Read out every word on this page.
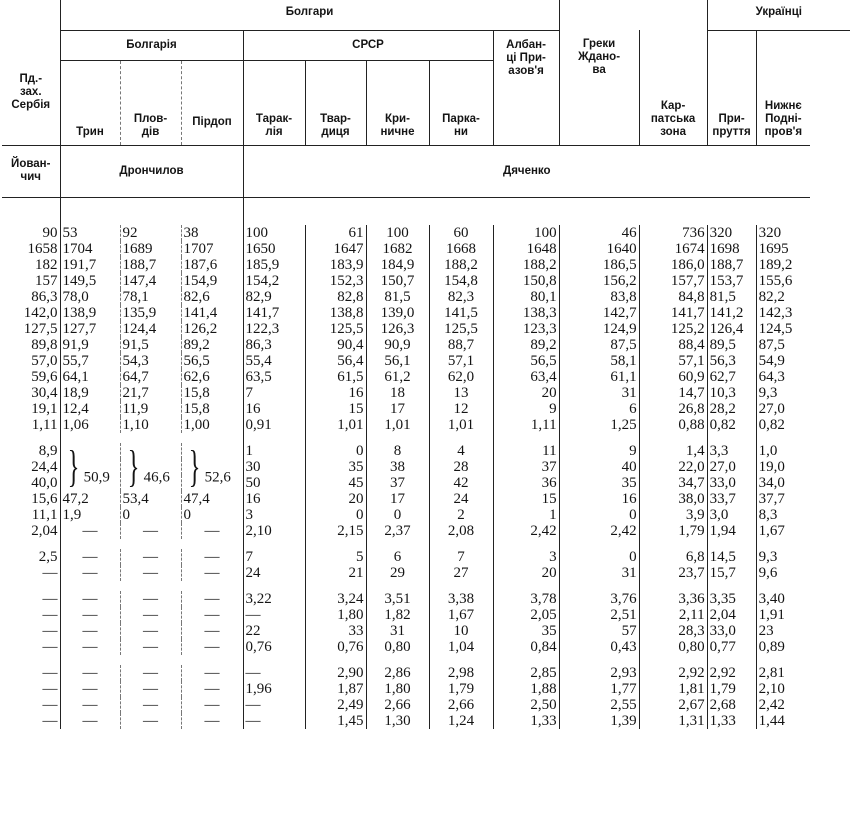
Пд.-
зах.
Сербія	Болгари										Українці	
	Болгарія			СРСР				Албан-
ці При-
азов'я	Греки
Ждано-
ва	Кар-
патська
зона	При-
пруття	Нижнє
Подні-
пров'я
	Трин	Плов-
дів	Пірдоп	Тарак-
лія	Твар-
диця	Кри-
ничне	Парка-
ни					
Йован-
чич	Дрончилов			Дяченко								

90	53	92	38	100	61	100	60	100	46	736	320	320
1658	1704	1689	1707	1650	1647	1682	1668	1648	1640	1674	1698	1695
182	191,7	188,7	187,6	185,9	183,9	184,9	188,2	188,2	186,5	186,0	188,7	189,2
157	149,5	147,4	154,9	154,2	152,3	150,7	154,8	150,8	156,2	157,7	153,7	155,6
86,3	78,0	78,1	82,6	82,9	82,8	81,5	82,3	80,1	83,8	84,8	81,5	82,2
142,0	138,9	135,9	141,4	141,7	138,8	139,0	141,5	138,3	142,7	141,7	141,2	142,3
127,5	127,7	124,4	126,2	122,3	125,5	126,3	125,5	123,3	124,9	125,2	126,4	124,5
89,8	91,9	91,5	89,2	86,3	90,4	90,9	88,7	89,2	87,5	88,4	89,5	87,5
57,0	55,7	54,3	56,5	55,4	56,4	56,1	57,1	56,5	58,1	57,1	56,3	54,9
59,6	64,1	64,7	62,6	63,5	61,5	61,2	62,0	63,4	61,1	60,9	62,7	64,3
30,4	18,9	21,7	15,8	7	16	18	13	20	31	14,7	10,3	9,3
19,1	12,4	11,9	15,8	16	15	17	12	9	6	26,8	28,2	27,0
1,11	1,06	1,10	1,00	0,91	1,01	1,01	1,01	1,11	1,25	0,88	0,82	0,82

8,9	} 50,9	} 46,6	} 52,6	1	0	8	4	11	9	1,4	3,3	1,0
24,4				30	35	38	28	37	40	22,0	27,0	19,0
40,0				50	45	37	42	36	35	34,7	33,0	34,0
15,6	47,2	53,4	47,4	16	20	17	24	15	16	38,0	33,7	37,7
11,1	1,9	0	0	3	0	0	2	1	0	3,9	3,0	8,3
2,04	—	—	—	2,10	2,15	2,37	2,08	2,42	2,42	1,79	1,94	1,67

2,5	—	—	—	7	5	6	7	3	0	6,8	14,5	9,3
—	—	—	—	24	21	29	27	20	31	23,7	15,7	9,6

—	—	—	—	3,22	3,24	3,51	3,38	3,78	3,76	3,36	3,35	3,40
—	—	—	—	—	1,80	1,82	1,67	2,05	2,51	2,11	2,04	1,91
—	—	—	—	22	33	31	10	35	57	28,3	33,0	23
—	—	—	—	0,76	0,76	0,80	1,04	0,84	0,43	0,80	0,77	0,89

—	—	—	—	—	2,90	2,86	2,98	2,85	2,93	2,92	2,92	2,81
—	—	—	—	1,96	1,87	1,80	1,79	1,88	1,77	1,81	1,79	2,10
—	—	—	—	—	2,49	2,66	2,66	2,50	2,55	2,67	2,68	2,42
—	—	—	—	—	1,45	1,30	1,24	1,33	1,39	1,31	1,33	1,44
